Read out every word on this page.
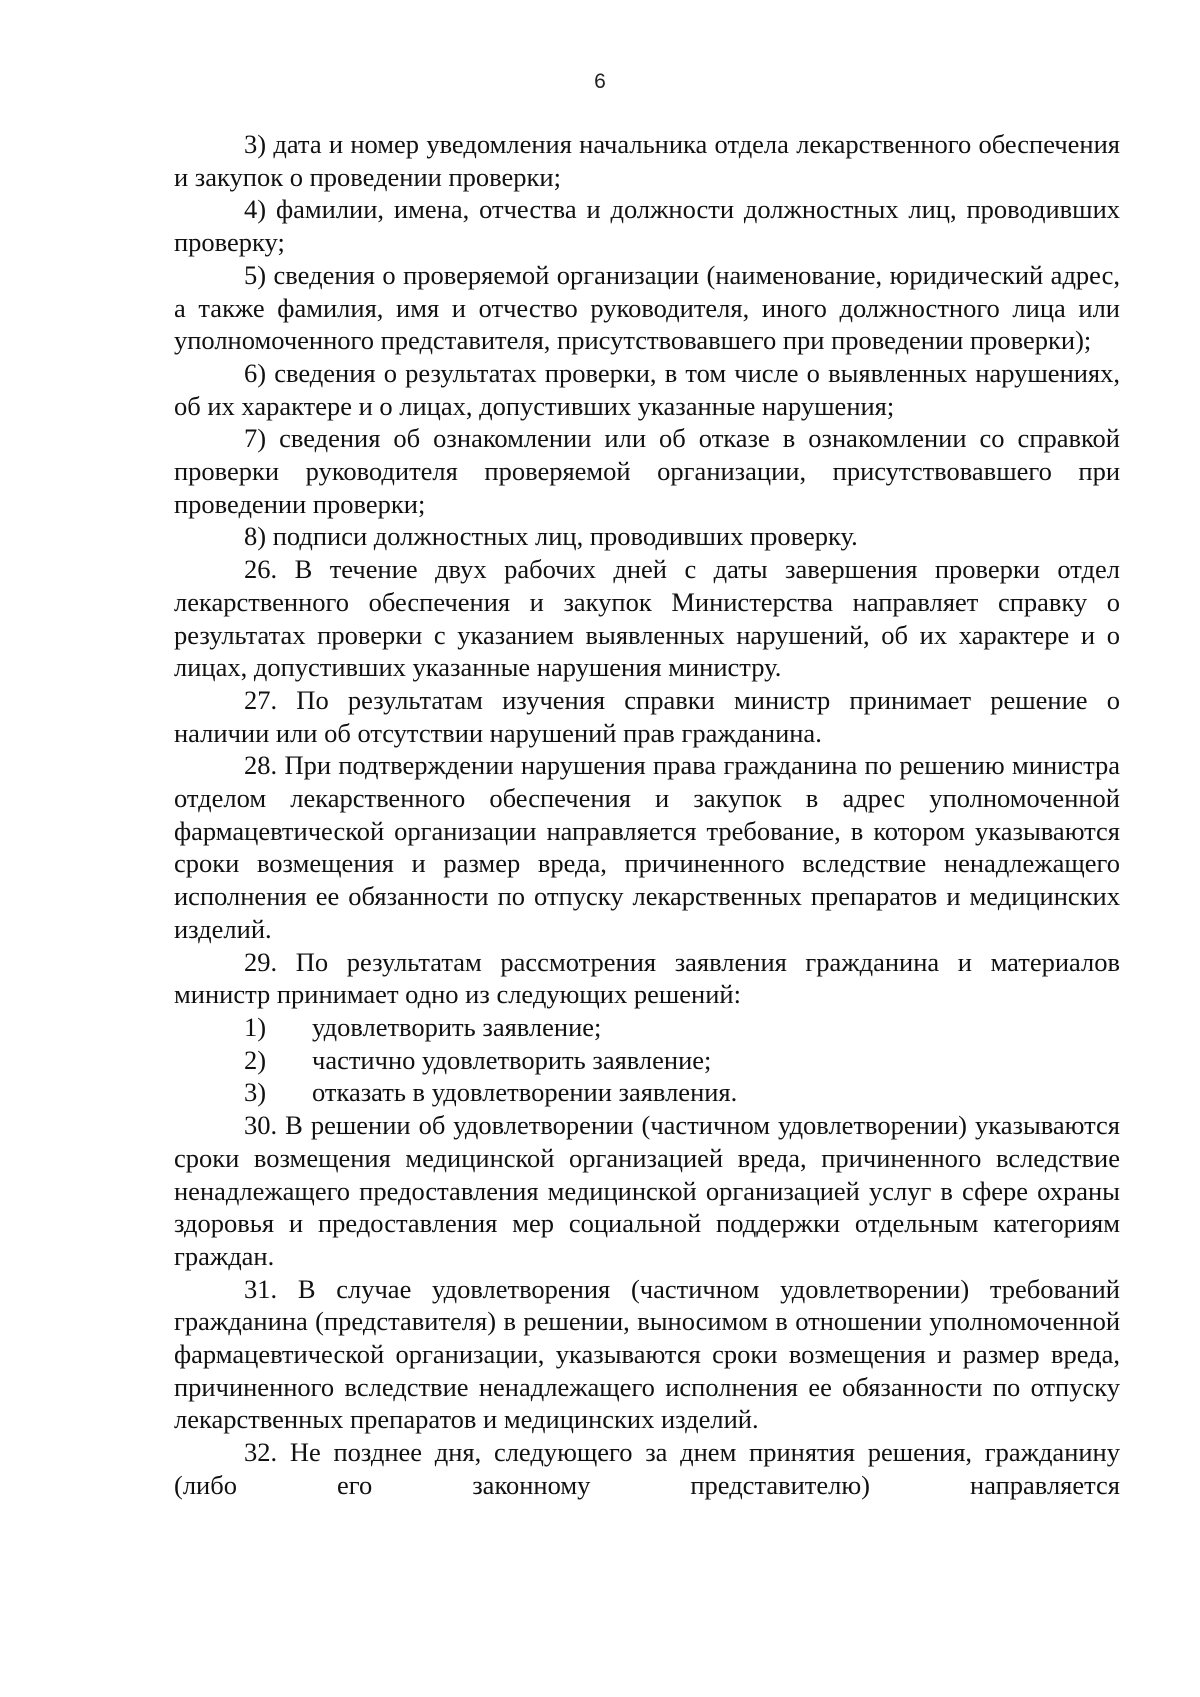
6

3) дата и номер уведомления начальника отдела лекарственного обеспечения и закупок о проведении проверки;

4) фамилии, имена, отчества и должности должностных лиц, проводивших проверку;

5) сведения о проверяемой организации (наименование, юридический адрес, а также фамилия, имя и отчество руководителя, иного должностного лица или уполномоченного представителя, присутствовавшего при проведении проверки);

6) сведения о результатах проверки, в том числе о выявленных нарушениях, об их характере и о лицах, допустивших указанные нарушения;

7) сведения об ознакомлении или об отказе в ознакомлении со справкой проверки руководителя проверяемой организации, присутствовавшего при проведении проверки;

8) подписи должностных лиц, проводивших проверку.

26. В течение двух рабочих дней с даты завершения проверки отдел лекарственного обеспечения и закупок Министерства направляет справку о результатах проверки с указанием выявленных нарушений, об их характере и о лицах, допустивших указанные нарушения министру.

27. По результатам изучения справки министр принимает решение о наличии или об отсутствии нарушений прав гражданина.

28. При подтверждении нарушения права гражданина по решению министра отделом лекарственного обеспечения и закупок в адрес уполномоченной фармацевтической организации направляется требование, в котором указываются сроки возмещения и размер вреда, причиненного вследствие ненадлежащего исполнения ее обязанности по отпуску лекарственных препаратов и медицинских изделий.

29. По результатам рассмотрения заявления гражданина и материалов министр принимает одно из следующих решений:

1)	удовлетворить заявление;
2)	частично удовлетворить заявление;
3)	отказать в удовлетворении заявления.

30. В решении об удовлетворении (частичном удовлетворении) указываются сроки возмещения медицинской организацией вреда, причиненного вследствие ненадлежащего предоставления медицинской организацией услуг в сфере охраны здоровья и предоставления мер социальной поддержки отдельным категориям граждан.

31. В случае удовлетворения (частичном удовлетворении) требований гражданина (представителя) в решении, выносимом в отношении уполномоченной фармацевтической организации, указываются сроки возмещения и размер вреда, причиненного вследствие ненадлежащего исполнения ее обязанности по отпуску лекарственных препаратов и медицинских изделий.

32. Не позднее дня, следующего за днем принятия решения, гражданину (либо его законному представителю) направляется
